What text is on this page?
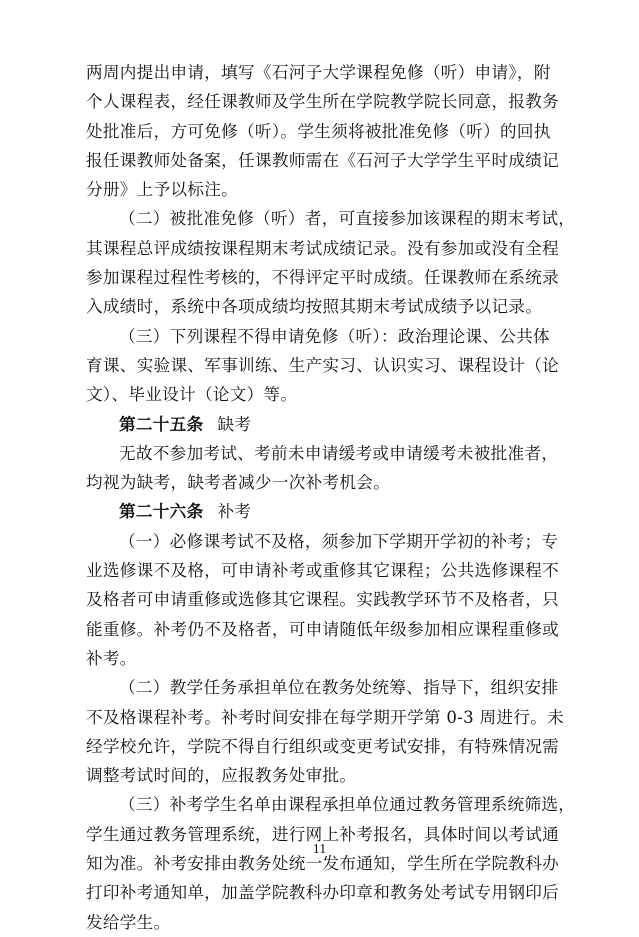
两周内提出申请，填写《石河子大学课程免修（听）申请》，附
个人课程表，经任课教师及学生所在学院教学院长同意，报教务
处批准后，方可免修（听）。学生须将被批准免修（听）的回执
报任课教师处备案，任课教师需在《石河子大学学生平时成绩记
分册》上予以标注。
（二）被批准免修（听）者，可直接参加该课程的期末考试，
其课程总评成绩按课程期末考试成绩记录。没有参加或没有全程
参加课程过程性考核的，不得评定平时成绩。任课教师在系统录
入成绩时，系统中各项成绩均按照其期末考试成绩予以记录。
（三）下列课程不得申请免修（听）：政治理论课、公共体
育课、实验课、军事训练、生产实习、认识实习、课程设计（论
文）、毕业设计（论文）等。
第二十五条 缺考
无故不参加考试、考前未申请缓考或申请缓考未被批准者，
均视为缺考，缺考者减少一次补考机会。
第二十六条 补考
（一）必修课考试不及格，须参加下学期开学初的补考；专
业选修课不及格，可申请补考或重修其它课程；公共选修课程不
及格者可申请重修或选修其它课程。实践教学环节不及格者，只
能重修。补考仍不及格者，可申请随低年级参加相应课程重修或
补考。
（二）教学任务承担单位在教务处统筹、指导下，组织安排
不及格课程补考。补考时间安排在每学期开学第 0-3 周进行。未
经学校允许，学院不得自行组织或变更考试安排，有特殊情况需
调整考试时间的，应报教务处审批。
（三）补考学生名单由课程承担单位通过教务管理系统筛选，
学生通过教务管理系统，进行网上补考报名，具体时间以考试通
知为准。补考安排由教务处统一发布通知，学生所在学院教科办
打印补考通知单，加盖学院教科办印章和教务处考试专用钢印后
发给学生。
11
